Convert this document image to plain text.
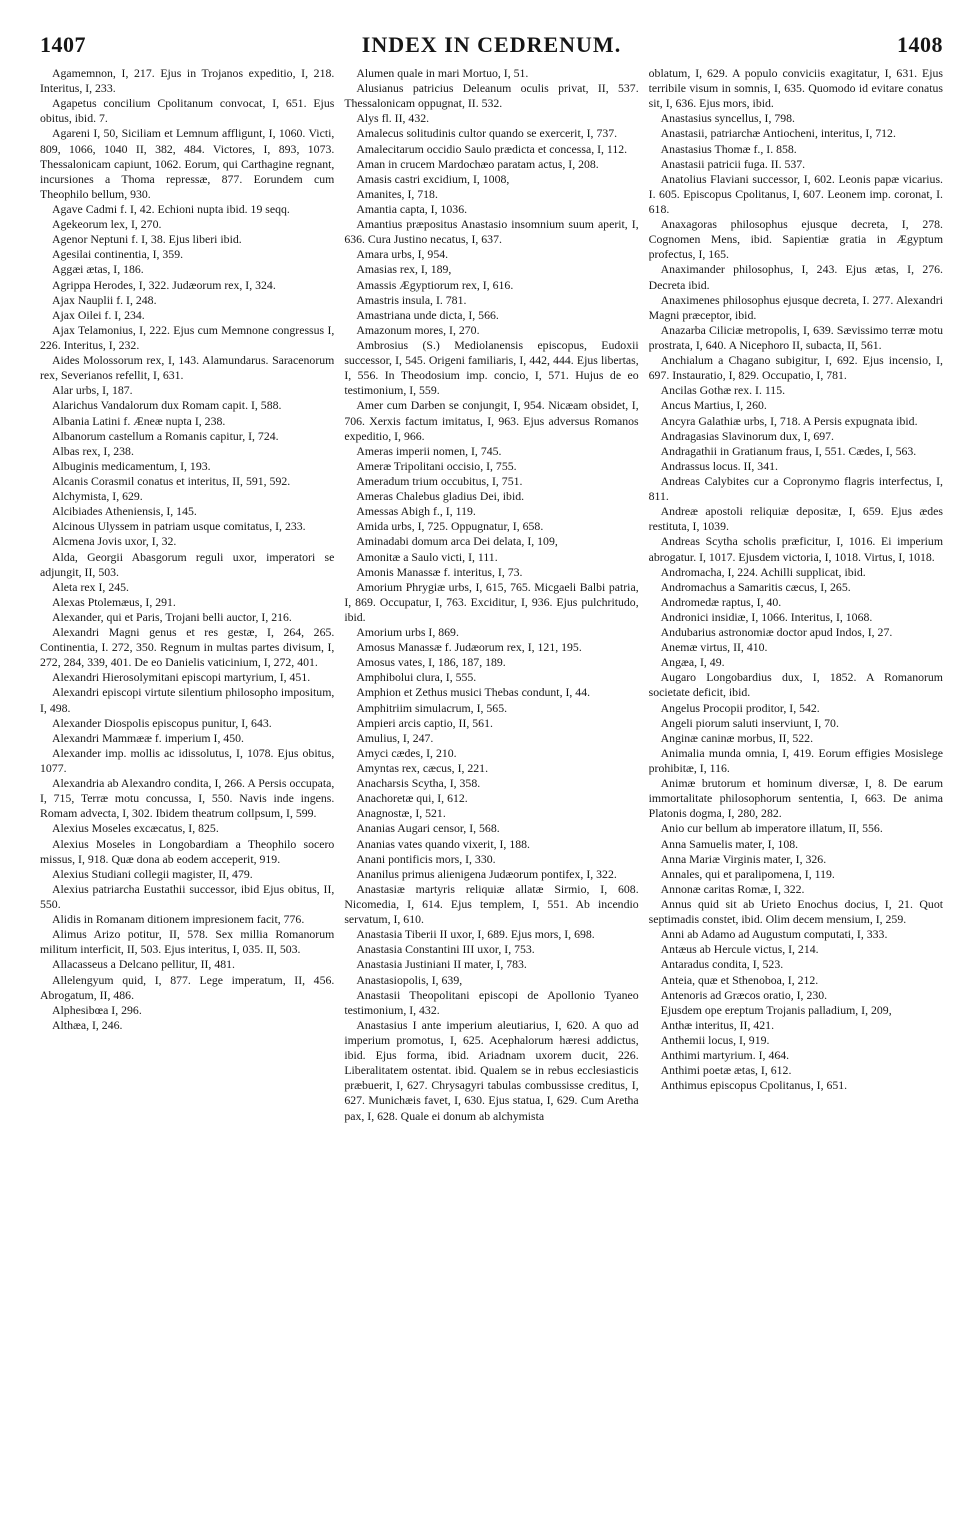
1407	INDEX IN CEDRENUM.	1408

Agamemnon, I, 217. Ejus in Trojanos expeditio, I, 218. Interitus, I, 233.

Agapetus concilium Cpolitanum convocat, I, 651. Ejus obitus, ibid. 7.

Agareni I, 50, Siciliam et Lemnum affligunt, I, 1060. Victi, 809, 1066, 1040 II, 382, 484. Victores, I, 893, 1073. Thessalonicam capiunt, 1062. Eorum, qui Carthagine regnant, incursiones a Thoma repressæ, 877. Eorundem cum Theophilo bellum, 930.

Agave Cadmi f. I, 42. Echioni nupta ibid. 19 seqq.

Agekeorum lex, I, 270.

Agenor Neptuni f. I, 38. Ejus liberi ibid.

Agesilai continentia, I, 359.

Aggæi ætas, I, 186.

Agrippa Herodes, I, 322. Judæorum rex, I, 324.

Ajax Nauplii f. I, 248.

Ajax Oilei f. I, 234.

Ajax Telamonius, I, 222. Ejus cum Memnone congressus I, 226. Interitus, I, 232.

Aides Molossorum rex, I, 143. Alamundarus. Saracenorum rex, Severianos refellit, I, 631.

Alar urbs, I, 187.

Alarichus Vandalorum dux Romam capit. I, 588.

Albania Latini f. Æneæ nupta I, 238.

Albanorum castellum a Romanis capitur, I, 724.

Albas rex, I, 238.

Albuginis medicamentum, I, 193.

Alcanis Corasmil conatus et interitus, II, 591, 592.

Alchymista, I, 629.

Alcibiades Atheniensis, I, 145.

Alcinous Ulyssem in patriam usque comitatus, I, 233.

Alcmena Jovis uxor, I, 32.

Alda, Georgii Abasgorum reguli uxor, imperatori se adjungit, II, 503.

Aleta rex I, 245.

Alexas Ptolemæus, I, 291.

Alexander, qui et Paris, Trojani belli auctor, I, 216.

Alexandri Magni genus et res gestæ, I, 264, 265. Continentia, I. 272, 350. Regnum in multas partes divisum, I, 272, 284, 339, 401. De eo Danielis vaticinium, I, 272, 401.

Alexandri Hierosolymitani episcopi martyrium, I, 451.

Alexandri episcopi virtute silentium philosopho impositum, I, 498.

Alexander Diospolis episcopus punitur, I, 643.

Alexandri Mammææ f. imperium I, 450.

Alexander imp. mollis ac idissolutus, I, 1078. Ejus obitus, 1077.

Alexandria ab Alexandro condita, I, 266. A Persis occupata, I, 715, Terræ motu concussa, I, 550. Navis inde ingens. Romam advecta, I, 302. Ibidem theatrum collpsum, I, 599.

Alexius Moseles excæcatus, I, 825.

Alexius Moseles in Longobardiam a Theophilo socero missus, I, 918. Quæ dona ab eodem acceperit, 919.

Alexius Studiani collegii magister, II, 479.

Alexius patriarcha Eustathii successor, ibid Ejus obitus, II, 550.

Alidis in Romanam ditionem impresionem facit, 776.

Alimus Arizo potitur, II, 578. Sex millia Romanorum militum interficit, II, 503. Ejus interitus, I, 035. II, 503.

Allacasseus a Delcano pellitur, II, 481.

Allelengyum quid, I, 877. Lege imperatum, II, 456. Abrogatum, II, 486.

Alphesibœa I, 296.

Althæa, I, 246.

Alumen quale in mari Mortuo, I, 51.

Alusianus patricius Deleanum oculis privat, II, 537. Thessalonicam oppugnat, II. 532.

Alys fl. II, 432.

Amalecus solitudinis cultor quando se exercerit, I, 737.

Amalecitarum occidio Saulo prædicta et concessa, I, 112.

Aman in crucem Mardochæo paratam actus, I, 208.

Amasis castri excidium, I, 1008,

Amanites, I, 718.

Amantia capta, I, 1036.

Amantius præpositus Anastasio insomnium suum aperit, I, 636. Cura Justino necatus, I, 637.

Amara urbs, I, 954.

Amasias rex, I, 189,

Amassis Ægyptiorum rex, I, 616.

Amastris insula, I. 781.

Amastriana unde dicta, I, 566.

Amazonum mores, I, 270.

Ambrosius (S.) Mediolanensis episcopus, Eudoxii successor, I, 545. Origeni familiaris, I, 442, 444. Ejus libertas, I, 556. In Theodosium imp. concio, I, 571. Hujus de eo testimonium, I, 559.

Amer cum Darben se conjungit, I, 954. Nicæam obsidet, I, 706. Xerxis factum imitatus, I, 963. Ejus adversus Romanos expeditio, I, 966.

Ameras imperii nomen, I, 745.

Ameræ Tripolitani occisio, I, 755.

Ameradum trium occubitus, I, 751.

Ameras Chalebus gladius Dei, ibid.

Amessas Abigh f., I, 119.

Amida urbs, I, 725. Oppugnatur, I, 658.

Aminadabi domum arca Dei delata, I, 109,

Amonitæ a Saulo victi, I, 111.

Amonis Manassæ f. interitus, I, 73.

Amorium Phrygiæ urbs, I, 615, 765. Micgaeli Balbi patria, I, 869. Occupatur, I, 763. Exciditur, I, 936. Ejus pulchritudo, ibid.

Amorium urbs I, 869.

Amosus Manassæ f. Judæorum rex, I, 121, 195.

Amosus vates, I, 186, 187, 189.

Amphibolui clura, I, 555.

Amphion et Zethus musici Thebas condunt, I, 44.

Amphitriim simulacrum, I, 565.

Ampieri arcis captio, II, 561.

Amulius, I, 247.

Amyci cædes, I, 210.

Amyntas rex, cæcus, I, 221.

Anacharsis Scytha, I, 358.

Anachoretæ qui, I, 612.

Anagnostæ, I, 521.

Ananias Augari censor, I, 568.

Ananias vates quando vixerit, I, 188.

Anani pontificis mors, I, 330.

Ananilus primus alienigena Judæorum pontifex, I, 322.

Anastasiæ martyris reliquiæ allatæ Sirmio, I, 608. Nicomedia, I, 614. Ejus templem, I, 551. Ab incendio servatum, I, 610.

Anastasia Tiberii II uxor, I, 689. Ejus mors, I, 698.

Anastasia Constantini III uxor, I, 753.

Anastasia Justiniani II mater, I, 783.

Anastasiopolis, I, 639,

Anastasii Theopolitani episcopi de Apollonio Tyaneo testimonium, I, 432.

Anastasius I ante imperium aleutiarius, I, 620. A quo ad imperium promotus, I, 625. Acephalorum hæresi addictus, ibid. Ejus forma, ibid. Ariadnam uxorem ducit, 226. Liberalitatem ostentat. ibid. Qualem se in rebus ecclesiasticis præbuerit, I, 627. Chrysagyri tabulas combussisse creditus, I, 627. Munichæis favet, I, 630. Ejus statua, I, 629. Cum Aretha pax, I, 628. Quale ei donum ab alchymista

oblatum, I, 629. A populo conviciis exagitatur, I, 631. Ejus terribile visum in somnis, I, 635. Quomodo id evitare conatus sit, I, 636. Ejus mors, ibid.

Anastasius syncellus, I, 798.

Anastasii, patriarchæ Antiocheni, interitus, I, 712.

Anastasius Thomæ f., I. 858.

Anastasii patricii fuga. II. 537.

Anatolius Flaviani successor, I, 602. Leonis papæ vicarius. I. 605. Episcopus Cpolitanus, I, 607. Leonem imp. coronat, I. 618.

Anaxagoras philosophus ejusque decreta, I, 278. Cognomen Mens, ibid. Sapientiæ gratia in Ægyptum profectus, I, 165.

Anaximander philosophus, I, 243. Ejus ætas, I, 276. Decreta ibid.

Anaximenes philosophus ejusque decreta, I. 277. Alexandri Magni præceptor, ibid.

Anazarba Ciliciæ metropolis, I, 639. Sævissimo terræ motu prostrata, I, 640. A Nicephoro II, subacta, II, 561.

Anchialum a Chagano subigitur, I, 692. Ejus incensio, I, 697. Instauratio, I, 829. Occupatio, I, 781.

Ancilas Gothæ rex. I. 115.

Ancus Martius, I, 260.

Ancyra Galathiæ urbs, I, 718. A Persis expugnata ibid.

Andragasias Slavinorum dux, I, 697.

Andragathii in Gratianum fraus, I, 551. Cædes, I, 563.

Andrassus locus. II, 341.

Andreas Calybites cur a Copronymo flagris interfectus, I, 811.

Andreæ apostoli reliquiæ depositæ, I, 659. Ejus ædes restituta, I, 1039.

Andreas Scytha scholis præficitur, I, 1016. Ei imperium abrogatur. I, 1017. Ejusdem victoria, I, 1018. Virtus, I, 1018.

Andromacha, I, 224. Achilli supplicat, ibid.

Andromachus a Samaritis cæcus, I, 265.

Andromedæ raptus, I, 40.

Andronici insidiæ, I, 1066. Interitus, I, 1068.

Andubarius astronomiæ doctor apud Indos, I, 27.

Anemæ virtus, II, 410.

Angæa, I, 49.

Augaro Longobardius dux, I, 1852. A Romanorum societate deficit, ibid.

Angelus Procopii proditor, I, 542.

Angeli piorum saluti inserviunt, I, 70.

Anginæ caninæ morbus, II, 522.

Animalia munda omnia, I, 419. Eorum effigies Mosislege prohibitæ, I, 116.

Animæ brutorum et hominum diversæ, I, 8. De earum immortalitate philosophorum sententia, I, 663. De anima Platonis dogma, I, 280, 282.

Anio cur bellum ab imperatore illatum, II, 556.

Anna Samuelis mater, I, 108.

Anna Mariæ Virginis mater, I, 326.

Annales, qui et paralipomena, I, 119.

Annonæ caritas Romæ, I, 322.

Annus quid sit ab Urieto Enochus docius, I, 21. Quot septimadis constet, ibid. Olim decem mensium, I, 259.

Anni ab Adamo ad Augustum computati, I, 333.

Antæus ab Hercule victus, I, 214.

Antaradus condita, I, 523.

Anteia, quæ et Sthenoboa, I, 212.

Antenoris ad Græcos oratio, I, 230.

Ejusdem ope ereptum Trojanis palladium, I, 209,

Anthæ interitus, II, 421.

Anthemii locus, I, 919.

Anthimi martyrium. I, 464.

Anthimi poetæ ætas, I, 612.

Anthimus episcopus Cpolitanus, I, 651.
